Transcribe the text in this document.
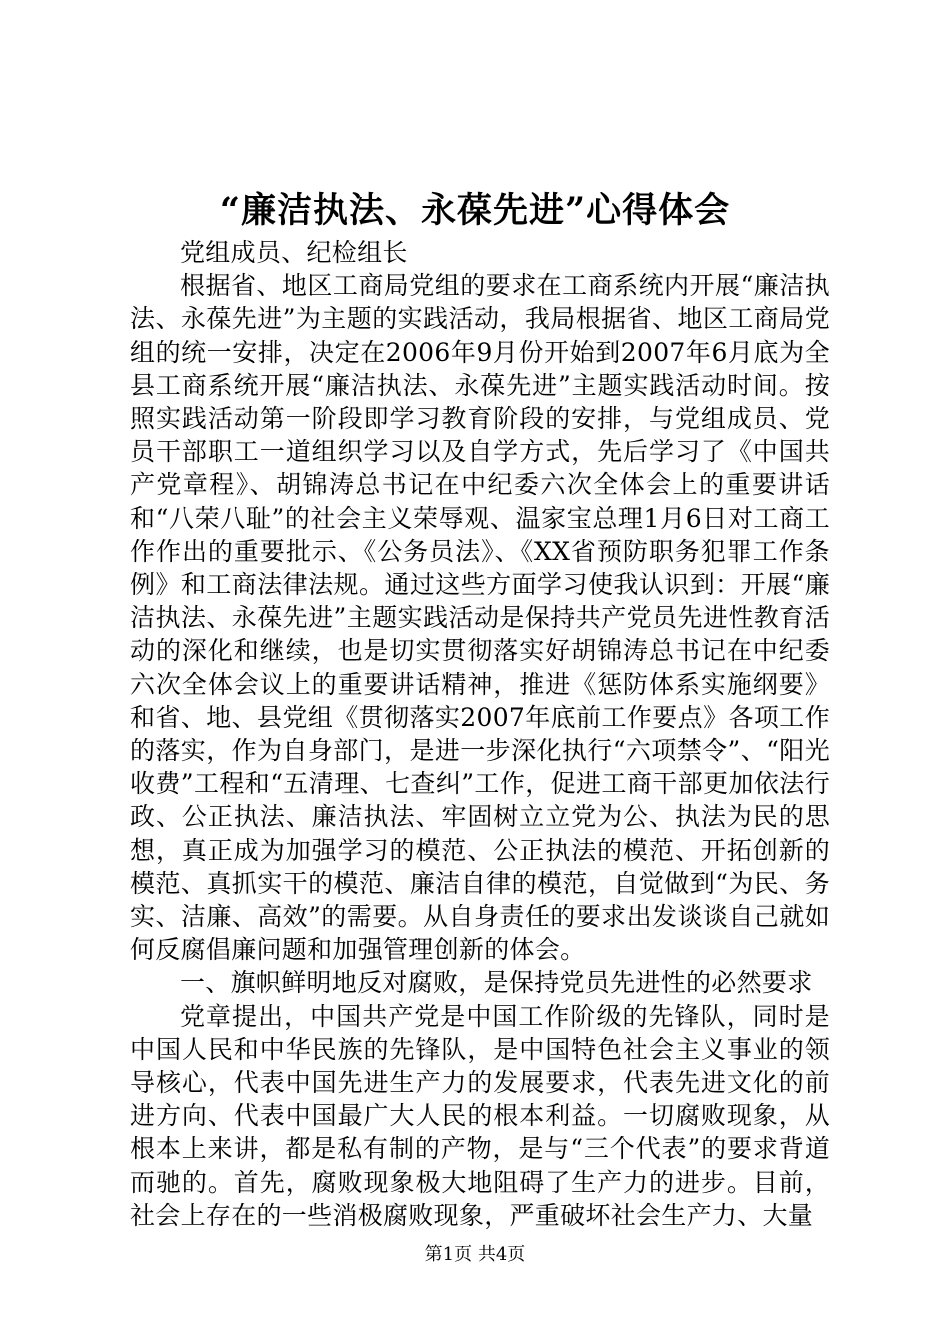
“廉洁执法、永葆先进”心得体会

党组成员、纪检组长

根据省、地区工商局党组的要求在工商系统内开展“廉洁执法、永葆先进”为主题的实践活动，我局根据省、地区工商局党组的统一安排，决定在2006年9月份开始到2007年6月底为全县工商系统开展“廉洁执法、永葆先进”主题实践活动时间。按照实践活动第一阶段即学习教育阶段的安排，与党组成员、党员干部职工一道组织学习以及自学方式，先后学习了《中国共产党章程》、胡锦涛总书记在中纪委六次全体会上的重要讲话和“八荣八耻”的社会主义荣辱观、温家宝总理1月6日对工商工作作出的重要批示、《公务员法》、《XX省预防职务犯罪工作条例》和工商法律法规。通过这些方面学习使我认识到：开展“廉洁执法、永葆先进”主题实践活动是保持共产党员先进性教育活动的深化和继续，也是切实贯彻落实好胡锦涛总书记在中纪委六次全体会议上的重要讲话精神，推进《惩防体系实施纲要》和省、地、县党组《贯彻落实2007年底前工作要点》各项工作的落实，作为自身部门，是进一步深化执行“六项禁令”、“阳光收费”工程和“五清理、七查纠”工作，促进工商干部更加依法行政、公正执法、廉洁执法、牢固树立立党为公、执法为民的思想，真正成为加强学习的模范、公正执法的模范、开拓创新的模范、真抓实干的模范、廉洁自律的模范，自觉做到“为民、务实、洁廉、高效”的需要。从自身责任的要求出发谈谈自己就如何反腐倡廉问题和加强管理创新的体会。

一、旗帜鲜明地反对腐败，是保持党员先进性的必然要求

党章提出，中国共产党是中国工作阶级的先锋队，同时是中国人民和中华民族的先锋队，是中国特色社会主义事业的领导核心，代表中国先进生产力的发展要求，代表先进文化的前进方向、代表中国最广大人民的根本利益。一切腐败现象，从根本上来讲，都是私有制的产物，是与“三个代表”的要求背道而驰的。首先，腐败现象极大地阻碍了生产力的进步。目前，社会上存在的一些消极腐败现象，严重破坏社会生产力、大量

第1页 共4页
